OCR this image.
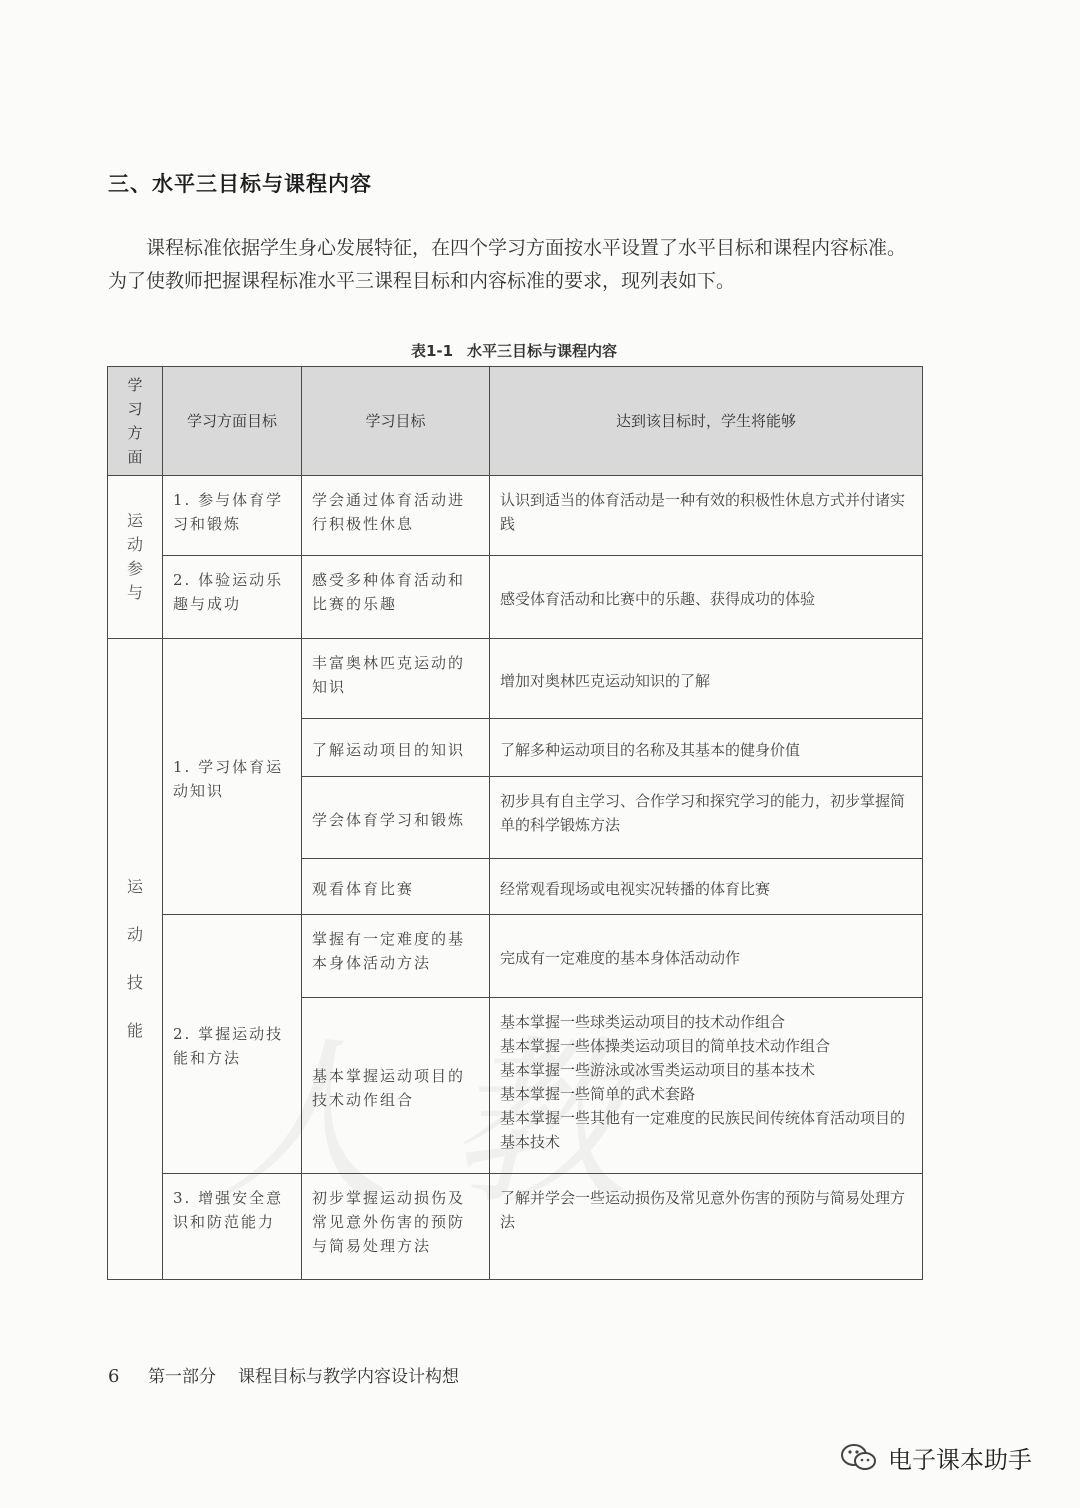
三、水平三目标与课程内容

课程标准依据学生身心发展特征，在四个学习方面按水平设置了水平目标和课程内容标准。为了使教师把握课程标准水平三课程目标和内容标准的要求，现列表如下。

表1-1 水平三目标与课程内容
学习方面	学习方面目标	学习目标	达到该目标时，学生将能够
运动参与	1. 参与体育学习和锻炼	学会通过体育活动进行积极性休息	认识到适当的体育活动是一种有效的积极性休息方式并付诸实践
	2. 体验运动乐趣与成功	感受多种体育活动和比赛的乐趣	感受体育活动和比赛中的乐趣、获得成功的体验
运动技能	1. 学习体育运动知识	丰富奥林匹克运动的知识	增加对奥林匹克运动知识的了解
		了解运动项目的知识	了解多种运动项目的名称及其基本的健身价值
		学会体育学习和锻炼	初步具有自主学习、合作学习和探究学习的能力，初步掌握简单的科学锻炼方法
		观看体育比赛	经常观看现场或电视实况转播的体育比赛
	2. 掌握运动技能和方法	掌握有一定难度的基本身体活动方法	完成有一定难度的基本身体活动动作
		基本掌握运动项目的技术动作组合	基本掌握一些球类运动项目的技术动作组合
基本掌握一些体操类运动项目的简单技术动作组合
基本掌握一些游泳或冰雪类运动项目的基本技术
基本掌握一些简单的武术套路
基本掌握一些其他有一定难度的民族民间传统体育活动项目的基本技术

	3. 增强安全意识和防范能力	初步掌握运动损伤及常见意外伤害的预防与简易处理方法	了解并学会一些运动损伤及常见意外伤害的预防与简易处理方法
6 第一部分 课程目标与教学内容设计构想
电子课本助手
